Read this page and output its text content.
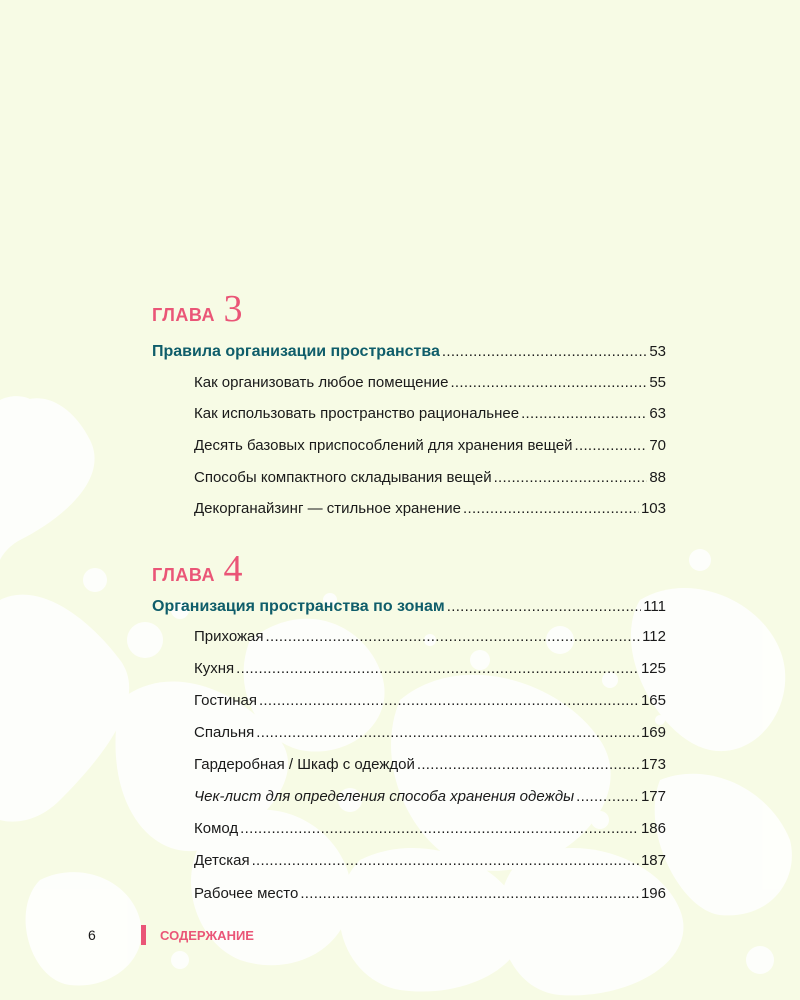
ГЛАВА 3
Правила организации пространства .....	53
Как организовать любое помещение .....	55
Как использовать пространство рациональнее .....	63
Десять базовых приспособлений для хранения вещей .....	70
Способы компактного складывания вещей .....	88
Декорганайзинг — стильное хранение .....	103
ГЛАВА 4
Организация пространства по зонам .....	111
Прихожая .....	112
Кухня .....	125
Гостиная .....	165
Спальня .....	169
Гардеробная / Шкаф с одеждой .....	173
Чек-лист для определения способа хранения одежды .....	177
Комод .....	186
Детская .....	187
Рабочее место .....	196
6	СОДЕРЖАНИЕ
